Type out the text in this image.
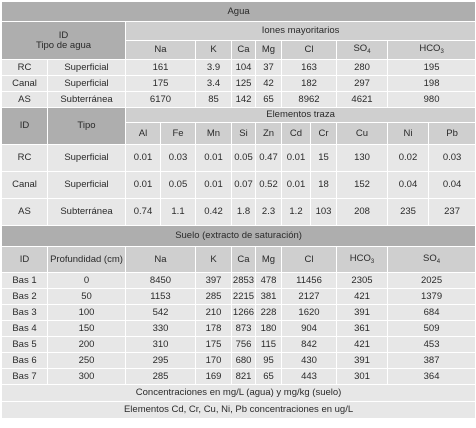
Agua											
ID
Tipo de agua		Iones mayoritarios									
		Na		K	Ca	Mg	Cl		$SO_4$	$HCO_3$
RC	Superficial	161		3.9	104	37	163		280	195	
Canal	Superficial	175		3.4	125	42	182		297	198	
AS	Subterránea	6170		85	142	65	8962		4621	980	
ID	Tipo	Elementos traza									
		Al	Fe	Mn	Si	Zn	Cd	Cr	Cu	Ni	Pb
RC	Superficial	0.01	0.03	0.01	0.05	0.47	0.01	15	130	0.02	0.03
Canal	Superficial	0.01	0.05	0.01	0.07	0.52	0.01	18	152	0.04	0.04
AS	Subterránea	0.74	1.1	0.42	1.8	2.3	1.2	103	208	235	237
Suelo (extracto de saturación)											
ID	Profundidad (cm)	Na		K	Ca	Mg	Cl		$HCO_3$	$SO_4$
Bas 1	0	8450		397	2853	478	11456		2305	2025	
Bas 2	50	1153		285	2215	381	2127		421	1379	
Bas 3	100	542		210	1266	228	1620		391	684	
Bas 4	150	330		178	873	180	904		361	509	
Bas 5	200	310		175	756	115	842		421	453	
Bas 6	250	295		170	680	95	430		391	387	
Bas 7	300	285		169	821	65	443		301	364	
Concentraciones en mg/L (agua) y mg/kg (suelo)											
Elementos Cd, Cr, Cu, Ni, Pb concentraciones en ug/L											
